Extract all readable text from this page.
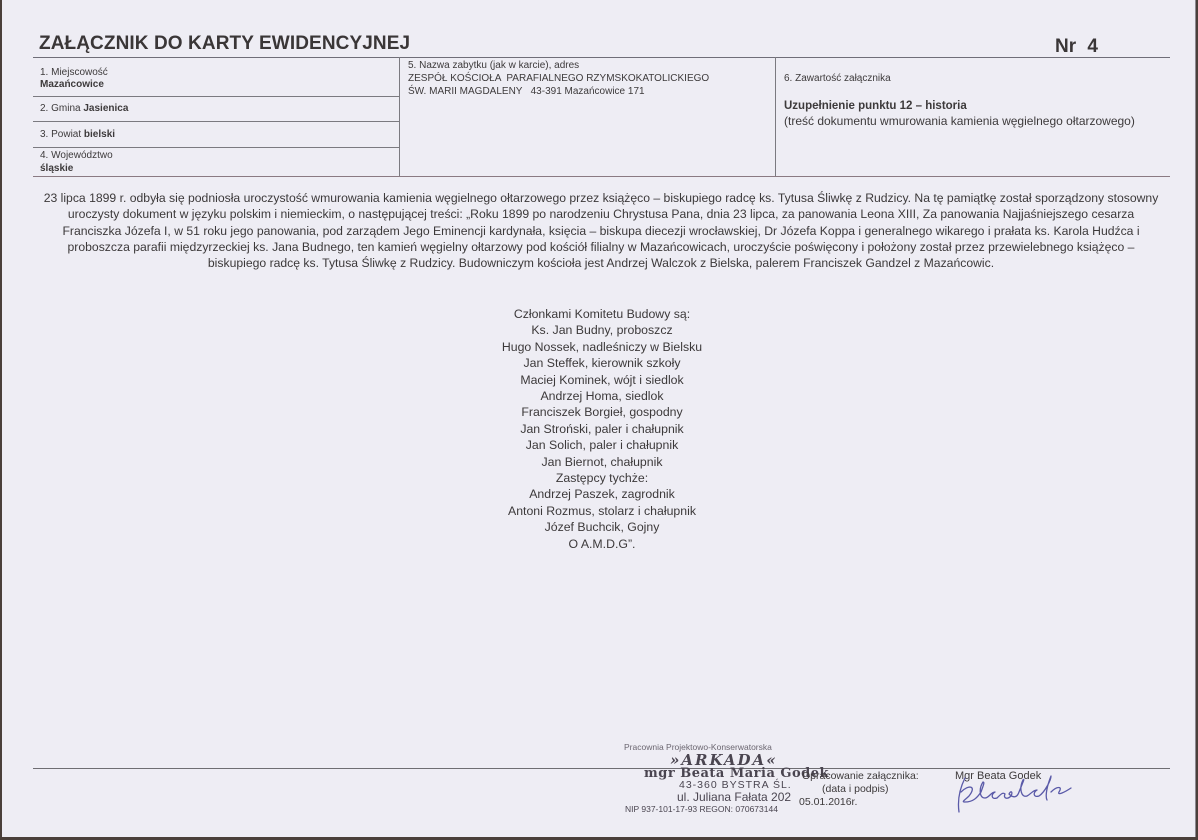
ZAŁĄCZNIK DO KARTY EWIDENCYJNEJ	Nr 4
1. Miejscowość
Mazańcowice
2. Gmina Jasienica
3. Powiat bielski
4. Województwo
śląskie
5. Nazwa zabytku (jak w karcie), adres
ZESPÓŁ KOŚCIOŁA  PARAFIALNEGO RZYMSKOKATOLICKIEGO
ŚW. MARII MAGDALENY   43-391 Mazańcowice 171
6. Zawartość załącznika
Uzupełnienie punktu 12 – historia
(treść dokumentu wmurowania kamienia węgielnego ołtarzowego)
23 lipca 1899 r. odbyła się podniosła uroczystość wmurowania kamienia węgielnego ołtarzowego przez książęco – biskupiego radcę ks. Tytusa Śliwkę z Rudzicy. Na tę pamiątkę został sporządzony stosowny uroczysty dokument w języku polskim i niemieckim, o następującej treści: „Roku 1899 po narodzeniu Chrystusa Pana, dnia 23 lipca, za panowania Leona XIII, Za panowania Najjaśniejszego cesarza Franciszka Józefa I, w 51 roku jego panowania, pod zarządem Jego Eminencji kardynała, księcia – biskupa diecezji wrocławskiej, Dr Józefa Koppa i generalnego wikarego i prałata ks. Karola Hudźca i proboszcza parafii międzyrzeckiej ks. Jana Budnego, ten kamień węgielny ołtarzowy pod kościół filialny w Mazańcowicach, uroczyście poświęcony i położony został przez przewielebnego książęco – biskupiego radcę ks. Tytusa Śliwkę z Rudzicy. Budowniczym kościoła jest Andrzej Walczok z Bielska, palerem Franciszek Gandzel z Mazańcowic.
Członkami Komitetu Budowy są:
Ks. Jan Budny, proboszcz
Hugo Nossek, nadleśniczy w Bielsku
Jan Steffek, kierownik szkoły
Maciej Kominek, wójt i siedlok
Andrzej Homa, siedlok
Franciszek Borgieł, gospodny
Jan Stroński, paler i chałupnik
Jan Solich, paler i chałupnik
Jan Biernot, chałupnik
Zastępcy tychże:
Andrzej Paszek, zagrodnik
Antoni Rozmus, stolarz i chałupnik
Józef Buchcik, Gojny
O A.M.D.G”.
Pracownia Projektowo-Konserwatorska
»ARKADA«
mgr Beata Maria Godek
43-360 BYSTRA ŚL.
ul. Juliana Fałata 202
NIP 937-101-17-93 REGON: 070673144
Opracowanie załącznika:
(data i podpis)
05.01.2016r.
Mgr Beata Godek
